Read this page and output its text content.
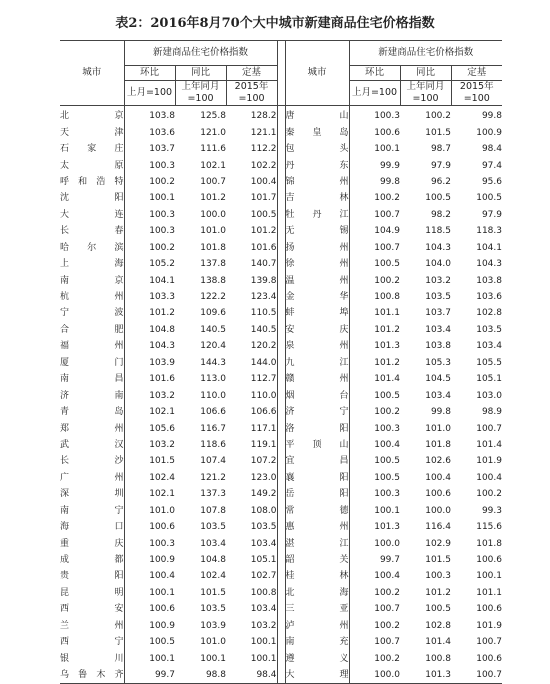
表2：2016年8月70个大中城市新建商品住宅价格指数
城市	新建商品住宅价格指数				城市	新建商品住宅价格指数		
	环比	同比	定基			环比	同比	定基
	上月=100	上年同月=100	2015年=100			上月=100	上年同月=100	2015年=100
北京	103.8	125.8	128.2		唐山	100.3	100.2	99.8
天津	103.6	121.0	121.1		秦皇岛	100.6	101.5	100.9
石家庄	103.7	111.6	112.2		包头	100.1	98.7	98.4
太原	100.3	102.1	102.2		丹东	99.9	97.9	97.4
呼和浩特	100.2	100.7	100.4		锦州	99.8	96.2	95.6
沈阳	100.1	101.2	101.7		吉林	100.2	100.5	100.5
大连	100.3	100.0	100.5		牡丹江	100.7	98.2	97.9
长春	100.3	101.0	101.2		无锡	104.9	118.5	118.3
哈尔滨	100.2	101.8	101.6		扬州	100.7	104.3	104.1
上海	105.2	137.8	140.7		徐州	100.5	104.0	104.3
南京	104.1	138.8	139.8		温州	100.2	103.2	103.8
杭州	103.3	122.2	123.4		金华	100.8	103.5	103.6
宁波	101.2	109.6	110.5		蚌埠	101.1	103.7	102.8
合肥	104.8	140.5	140.5		安庆	101.2	103.4	103.5
福州	104.3	120.4	120.2		泉州	101.3	103.8	103.4
厦门	103.9	144.3	144.0		九江	101.2	105.3	105.5
南昌	101.6	113.0	112.7		赣州	101.4	104.5	105.1
济南	103.2	110.0	110.0		烟台	100.5	103.4	103.0
青岛	102.1	106.6	106.6		济宁	100.2	99.8	98.9
郑州	105.6	116.7	117.1		洛阳	100.3	101.0	100.7
武汉	103.2	118.6	119.1		平顶山	100.4	101.8	101.4
长沙	101.5	107.4	107.2		宜昌	100.5	102.6	101.9
广州	102.4	121.2	123.0		襄阳	100.5	100.4	100.4
深圳	102.1	137.3	149.2		岳阳	100.3	100.6	100.2
南宁	101.0	107.8	108.0		常德	100.1	100.0	99.3
海口	100.6	103.5	103.5		惠州	101.3	116.4	115.6
重庆	100.3	103.4	103.4		湛江	100.0	102.9	101.8
成都	100.9	104.8	105.1		韶关	99.7	101.5	100.6
贵阳	100.4	102.4	102.7		桂林	100.4	100.3	100.1
昆明	100.1	101.5	100.8		北海	100.2	101.2	101.1
西安	100.6	103.5	103.4		三亚	100.7	100.5	100.6
兰州	100.9	103.9	103.2		泸州	100.2	102.8	101.9
西宁	100.5	101.0	100.1		南充	100.7	101.4	100.7
银川	100.1	100.1	100.1		遵义	100.2	100.8	100.6
乌鲁木齐	99.7	98.8	98.4		大理	100.0	101.3	100.7
